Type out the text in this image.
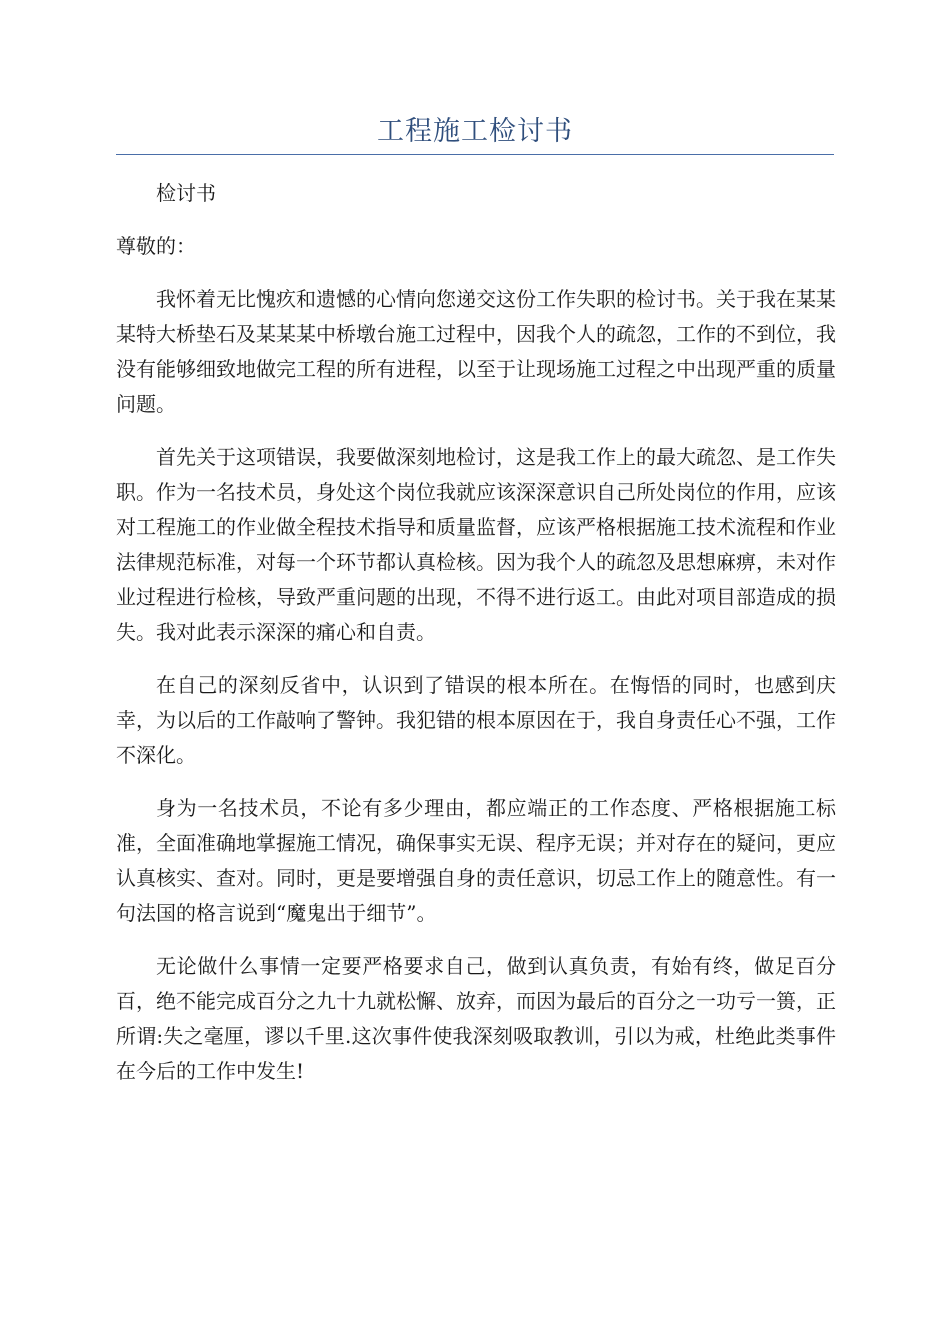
工程施工检讨书

检讨书

尊敬的：

我怀着无比愧疚和遗憾的心情向您递交这份工作失职的检讨书。关于我在某某某特大桥垫石及某某某中桥墩台施工过程中，因我个人的疏忽，工作的不到位，我没有能够细致地做完工程的所有进程，以至于让现场施工过程之中出现严重的质量问题。

首先关于这项错误，我要做深刻地检讨，这是我工作上的最大疏忽、是工作失职。作为一名技术员，身处这个岗位我就应该深深意识自己所处岗位的作用，应该对工程施工的作业做全程技术指导和质量监督，应该严格根据施工技术流程和作业法律规范标准，对每一个环节都认真检核。因为我个人的疏忽及思想麻痹，未对作业过程进行检核，导致严重问题的出现，不得不进行返工。由此对项目部造成的损失。我对此表示深深的痛心和自责。

在自己的深刻反省中，认识到了错误的根本所在。在悔悟的同时，也感到庆幸，为以后的工作敲响了警钟。我犯错的根本原因在于，我自身责任心不强，工作不深化。

身为一名技术员，不论有多少理由，都应端正的工作态度、严格根据施工标准，全面准确地掌握施工情况，确保事实无误、程序无误；并对存在的疑问，更应认真核实、查对。同时，更是要增强自身的责任意识，切忌工作上的随意性。有一句法国的格言说到“魔鬼出于细节”。

无论做什么事情一定要严格要求自己，做到认真负责，有始有终，做足百分百，绝不能完成百分之九十九就松懈、放弃，而因为最后的百分之一功亏一篑，正所谓:失之毫厘，谬以千里.这次事件使我深刻吸取教训，引以为戒，杜绝此类事件在今后的工作中发生!
